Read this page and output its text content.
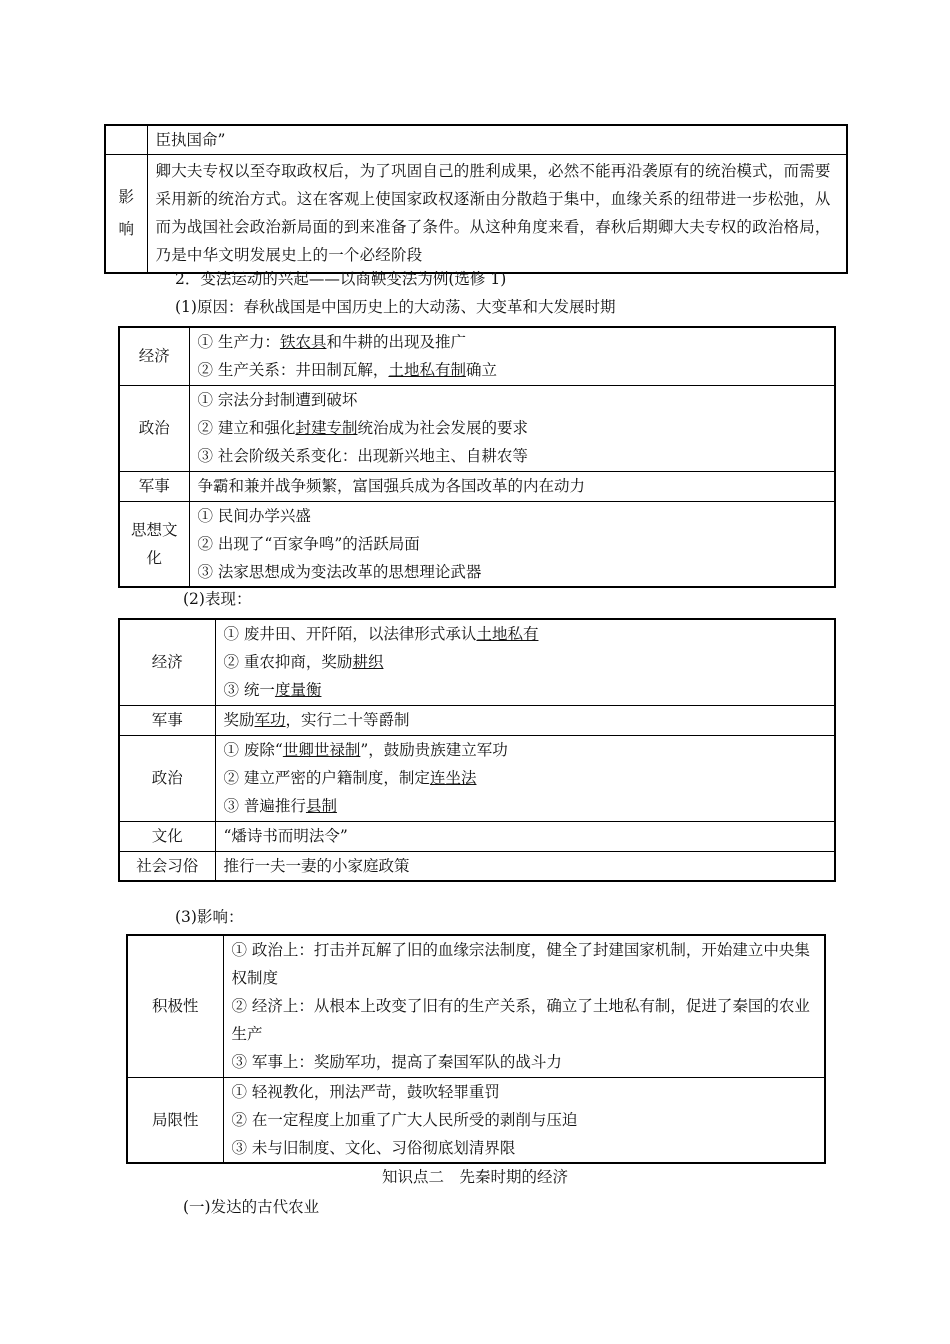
	臣执国命”
影
响	卿大夫专权以至夺取政权后，为了巩固自己的胜利成果，必然不能再沿袭原有的统治模式，而需要采用新的统治方式。这在客观上使国家政权逐渐由分散趋于集中，血缘关系的纽带进一步松弛，从而为战国社会政治新局面的到来准备了条件。从这种角度来看，春秋后期卿大夫专权的政治格局，乃是中华文明发展史上的一个必经阶段
2．变法运动的兴起——以商鞅变法为例(选修 1)
(1)原因：春秋战国是中国历史上的大动荡、大变革和大发展时期
经济	① 生产力：铁农具和牛耕的出现及推广
② 生产关系：井田制瓦解，土地私有制确立

政治	① 宗法分封制遭到破坏
② 建立和强化封建专制统治成为社会发展的要求
③ 社会阶级关系变化：出现新兴地主、自耕农等

军事	争霸和兼并战争频繁，富国强兵成为各国改革的内在动力
思想文
化	① 民间办学兴盛
② 出现了“百家争鸣”的活跃局面
③ 法家思想成为变法改革的思想理论武器
(2)表现：
经济	① 废井田、开阡陌，以法律形式承认土地私有
② 重农抑商，奖励耕织
③ 统一度量衡

军事	奖励军功，实行二十等爵制
政治	① 废除“世卿世禄制”，鼓励贵族建立军功
② 建立严密的户籍制度，制定连坐法
③ 普遍推行县制

文化	“燔诗书而明法令”
社会习俗	推行一夫一妻的小家庭政策
(3)影响：
积极性	① 政治上：打击并瓦解了旧的血缘宗法制度，健全了封建国家机制，开始建立中央集权制度
② 经济上：从根本上改变了旧有的生产关系，确立了土地私有制，促进了秦国的农业生产
③ 军事上：奖励军功，提高了秦国军队的战斗力

局限性	① 轻视教化，刑法严苛，鼓吹轻罪重罚
② 在一定程度上加重了广大人民所受的剥削与压迫
③ 未与旧制度、文化、习俗彻底划清界限
知识点二　先秦时期的经济
(一)发达的古代农业
